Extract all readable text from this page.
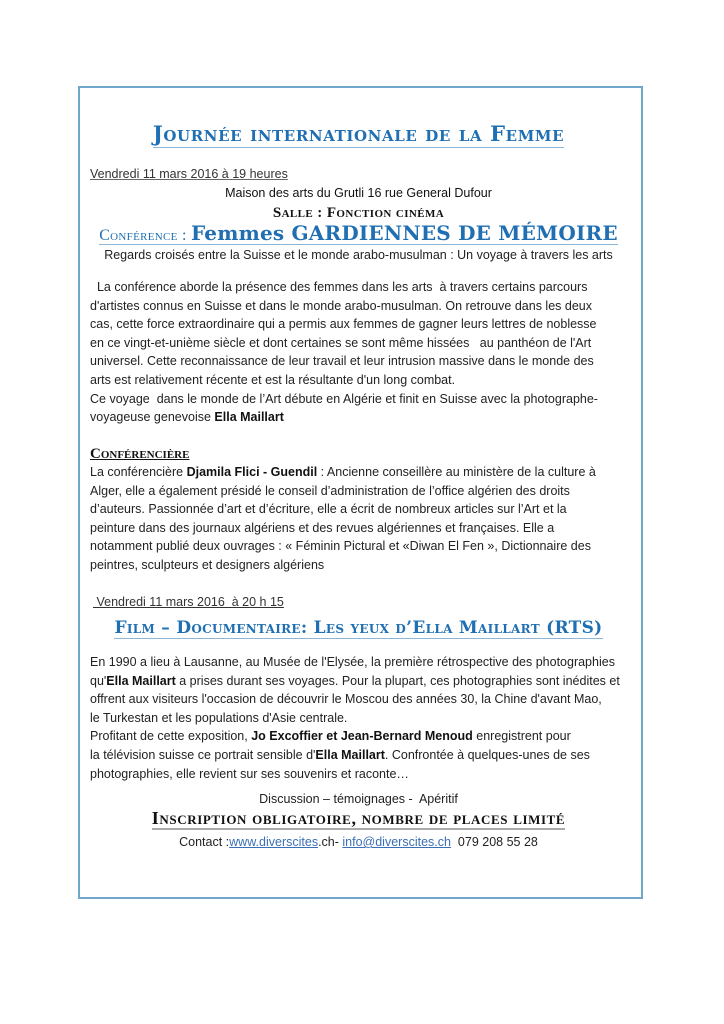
Journée internationale de la Femme
Vendredi 11 mars 2016 à 19 heures
Maison des arts du Grutli 16 rue General Dufour
Salle : Fonction cinéma
Conférence : Femmes GARDIENNES DE MÉMOIRE
Regards croisés entre la Suisse et le monde arabo-musulman : Un voyage à travers les arts
La conférence aborde la présence des femmes dans les arts  à travers certains parcours
d'artistes connus en Suisse et dans le monde arabo-musulman. On retrouve dans les deux
cas, cette force extraordinaire qui a permis aux femmes de gagner leurs lettres de noblesse
en ce vingt-et-unième siècle et dont certaines se sont même hissées   au panthéon de l'Art
universel. Cette reconnaissance de leur travail et leur intrusion massive dans le monde des
arts est relativement récente et est la résultante d'un long combat.
Ce voyage  dans le monde de l’Art débute en Algérie et finit en Suisse avec la photographe-
voyageuse genevoise Ella Maillart
Conférencière
La conférencière Djamila Flici - Guendil : Ancienne conseillère au ministère de la culture à
Alger, elle a également présidé le conseil d’administration de l’office algérien des droits
d’auteurs. Passionnée d’art et d’écriture, elle a écrit de nombreux articles sur l’Art et la
peinture dans des journaux algériens et des revues algériennes et françaises. Elle a
notamment publié deux ouvrages : « Féminin Pictural et «Diwan El Fen », Dictionnaire des
peintres, sculpteurs et designers algériens
Vendredi 11 mars 2016  à 20 h 15
Film – Documentaire: Les yeux d’Ella Maillart (RTS)
En 1990 a lieu à Lausanne, au Musée de l'Elysée, la première rétrospective des photographies
qu'Ella Maillart a prises durant ses voyages. Pour la plupart, ces photographies sont inédites et
offrent aux visiteurs l'occasion de découvrir le Moscou des années 30, la Chine d'avant Mao,
le Turkestan et les populations d'Asie centrale.
Profitant de cette exposition, Jo Excoffier et Jean-Bernard Menoud enregistrent pour
la télévision suisse ce portrait sensible d'Ella Maillart. Confrontée à quelques-unes de ses
photographies, elle revient sur ses souvenirs et raconte…
Discussion – témoignages -  Apéritif
Inscription obligatoire, nombre de places limité
Contact :www.diverscites.ch- info@diverscites.ch  079 208 55 28
